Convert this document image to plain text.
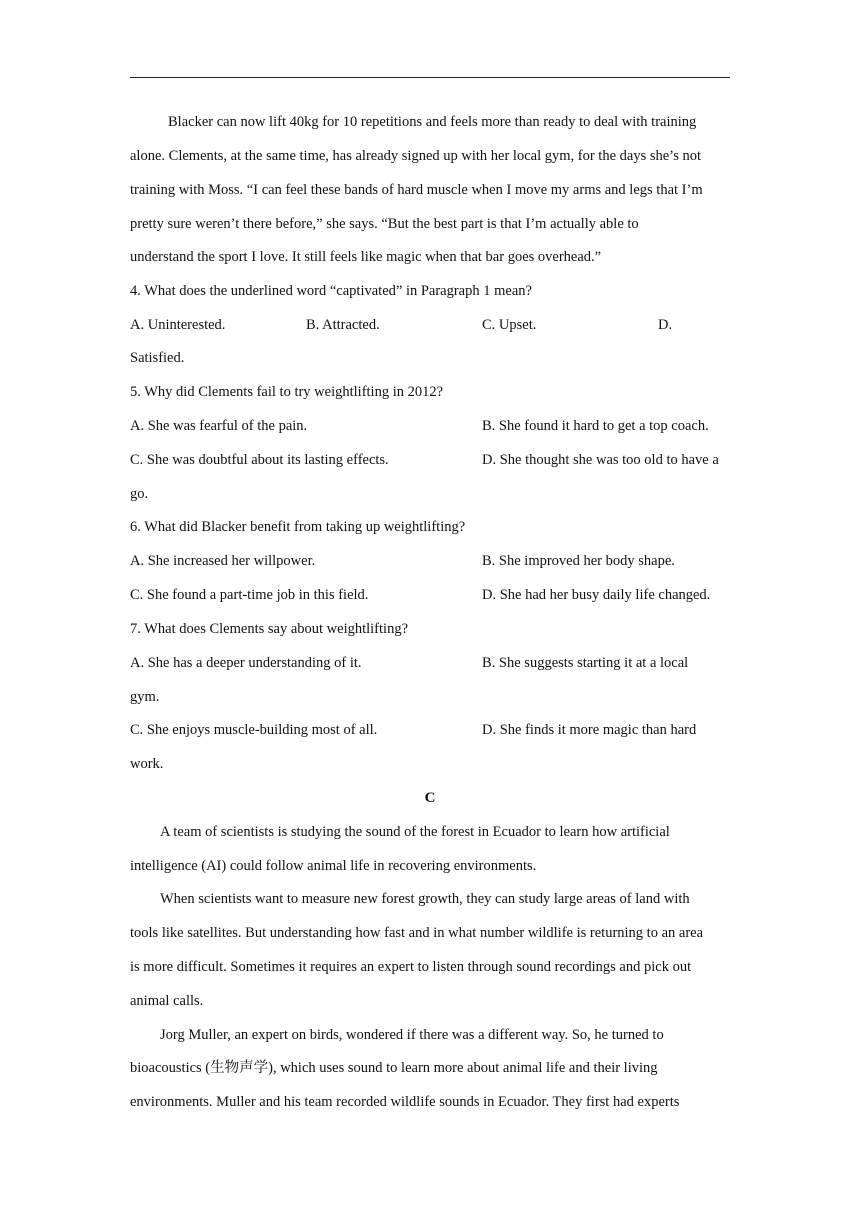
Blacker can now lift 40kg for 10 repetitions and feels more than ready to deal with training
alone. Clements, at the same time, has already signed up with her local gym, for the days she’s not
training with Moss. “I can feel these bands of hard muscle when I move my arms and legs that I’m
pretty sure weren’t there before,” she says. “But the best part is that I’m actually able to
understand the sport I love. It still feels like magic when that bar goes overhead.”
4. What does the underlined word “captivated” in Paragraph 1 mean?
A. Uninterested.	B. Attracted.	C. Upset.	D.
Satisfied.
5. Why did Clements fail to try weightlifting in 2012?
A. She was fearful of the pain.	B. She found it hard to get a top coach.
C. She was doubtful about its lasting effects.	D. She thought she was too old to have a
go.
6. What did Blacker benefit from taking up weightlifting?
A. She increased her willpower.	B. She improved her body shape.
C. She found a part-time job in this field.	D. She had her busy daily life changed.
7. What does Clements say about weightlifting?
A. She has a deeper understanding of it.	B. She suggests starting it at a local
gym.
C. She enjoys muscle-building most of all.	D. She finds it more magic than hard
work.
C
A team of scientists is studying the sound of the forest in Ecuador to learn how artificial
intelligence (AI) could follow animal life in recovering environments.
When scientists want to measure new forest growth, they can study large areas of land with
tools like satellites. But understanding how fast and in what number wildlife is returning to an area
is more difficult. Sometimes it requires an expert to listen through sound recordings and pick out
animal calls.
Jorg Muller, an expert on birds, wondered if there was a different way. So, he turned to
bioacoustics (生物声学), which uses sound to learn more about animal life and their living
environments. Muller and his team recorded wildlife sounds in Ecuador. They first had experts
